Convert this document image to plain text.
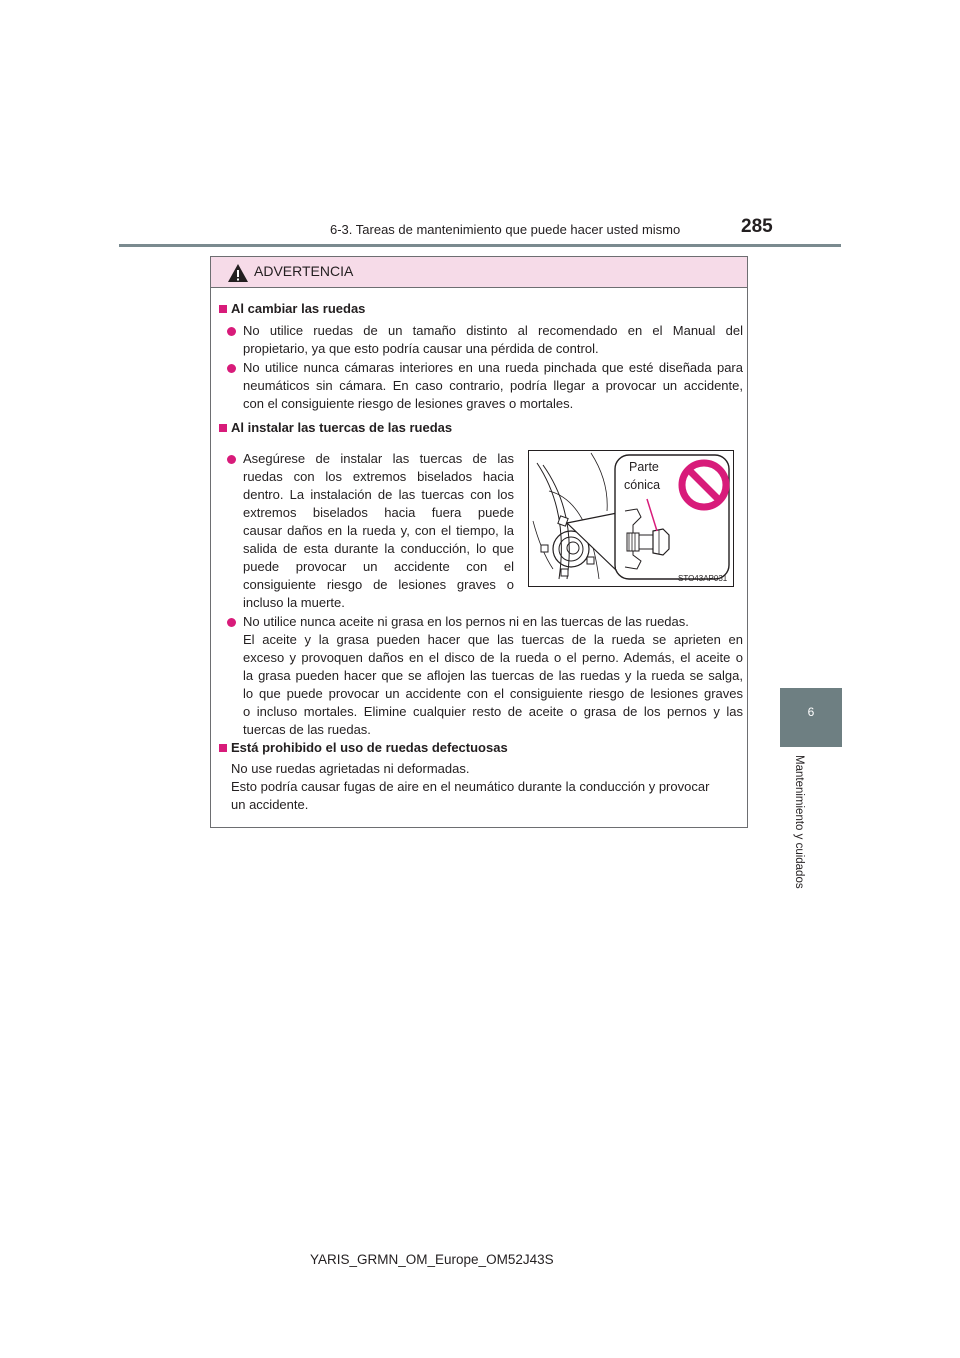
6-3. Tareas de mantenimiento que puede hacer usted mismo	285
6
Mantenimiento y cuidados
ADVERTENCIA
Al cambiar las ruedas
No utilice ruedas de un tamaño distinto al recomendado en el Manual del
propietario, ya que esto podría causar una pérdida de control.
No utilice nunca cámaras interiores en una rueda pinchada que esté diseñada para
neumáticos sin cámara. En caso contrario, podría llegar a provocar un accidente,
con el consiguiente riesgo de lesiones graves o mortales.
Al instalar las tuercas de las ruedas
Asegúrese de instalar las tuercas de las
ruedas con los extremos biselados hacia
dentro. La instalación de las tuercas con los
extremos biselados hacia fuera puede
causar daños en la rueda y, con el tiempo, la
salida de esta durante la conducción, lo que
puede provocar un accidente con el
consiguiente riesgo de lesiones graves o
incluso la muerte.
Parte
cónica
STO43AP031
No utilice nunca aceite ni grasa en los pernos ni en las tuercas de las ruedas.
El aceite y la grasa pueden hacer que las tuercas de la rueda se aprieten en
exceso y provoquen daños en el disco de la rueda o el perno. Además, el aceite o
la grasa pueden hacer que se aflojen las tuercas de las ruedas y la rueda se salga,
lo que puede provocar un accidente con el consiguiente riesgo de lesiones graves
o incluso mortales. Elimine cualquier resto de aceite o grasa de los pernos y las
tuercas de las ruedas.
Está prohibido el uso de ruedas defectuosas
No use ruedas agrietadas ni deformadas.
Esto podría causar fugas de aire en el neumático durante la conducción y provocar
un accidente.
YARIS_GRMN_OM_Europe_OM52J43S
